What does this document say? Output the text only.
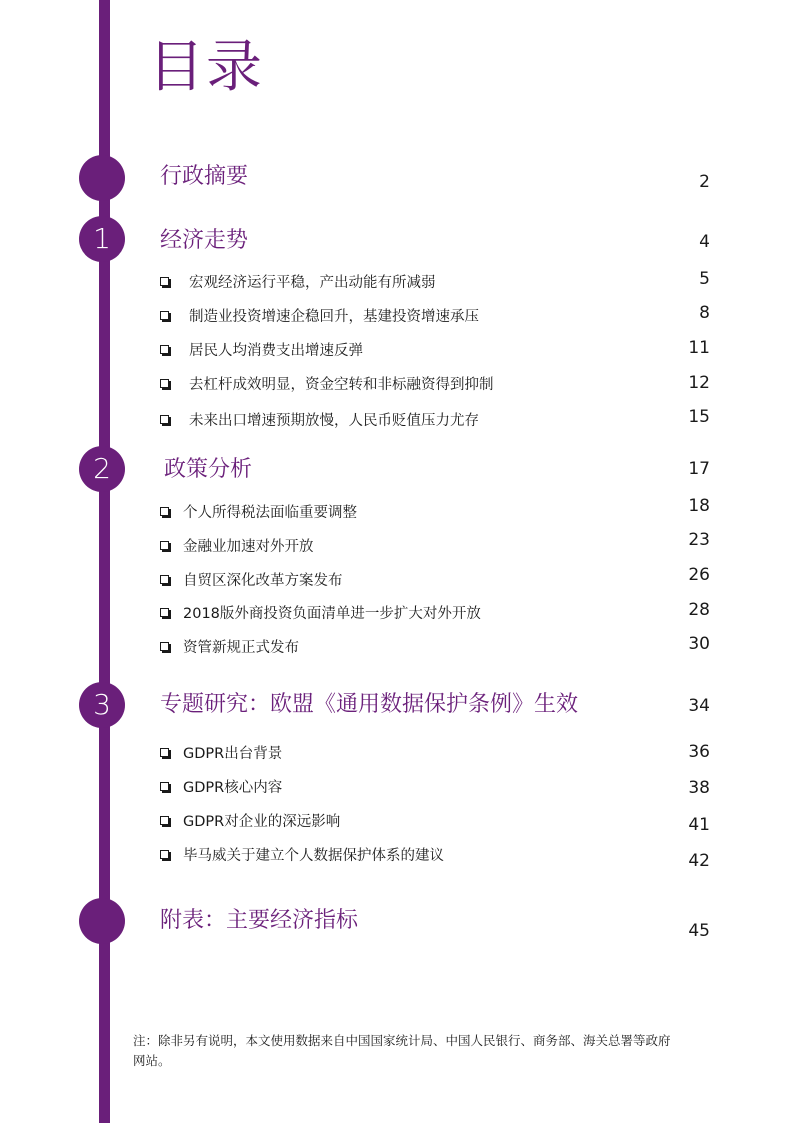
目录
行政摘要	2
1	经济走势	4
宏观经济运行平稳，产出动能有所减弱	5
制造业投资增速企稳回升，基建投资增速承压	8
居民人均消费支出增速反弹	11
去杠杆成效明显，资金空转和非标融资得到抑制	12
未来出口增速预期放慢，人民币贬值压力尤存	15
2	政策分析	17
个人所得税法面临重要调整	18
金融业加速对外开放	23
自贸区深化改革方案发布	26
2018版外商投资负面清单进一步扩大对外开放	28
资管新规正式发布	30
3	专题研究：欧盟《通用数据保护条例》生效	34
GDPR出台背景	36
GDPR核心内容	38
GDPR对企业的深远影响	41
毕马威关于建立个人数据保护体系的建议	42
附表：主要经济指标	45

注：除非另有说明，本文使用数据来自中国国家统计局、中国人民银行、商务部、海关总署等政府网站。
